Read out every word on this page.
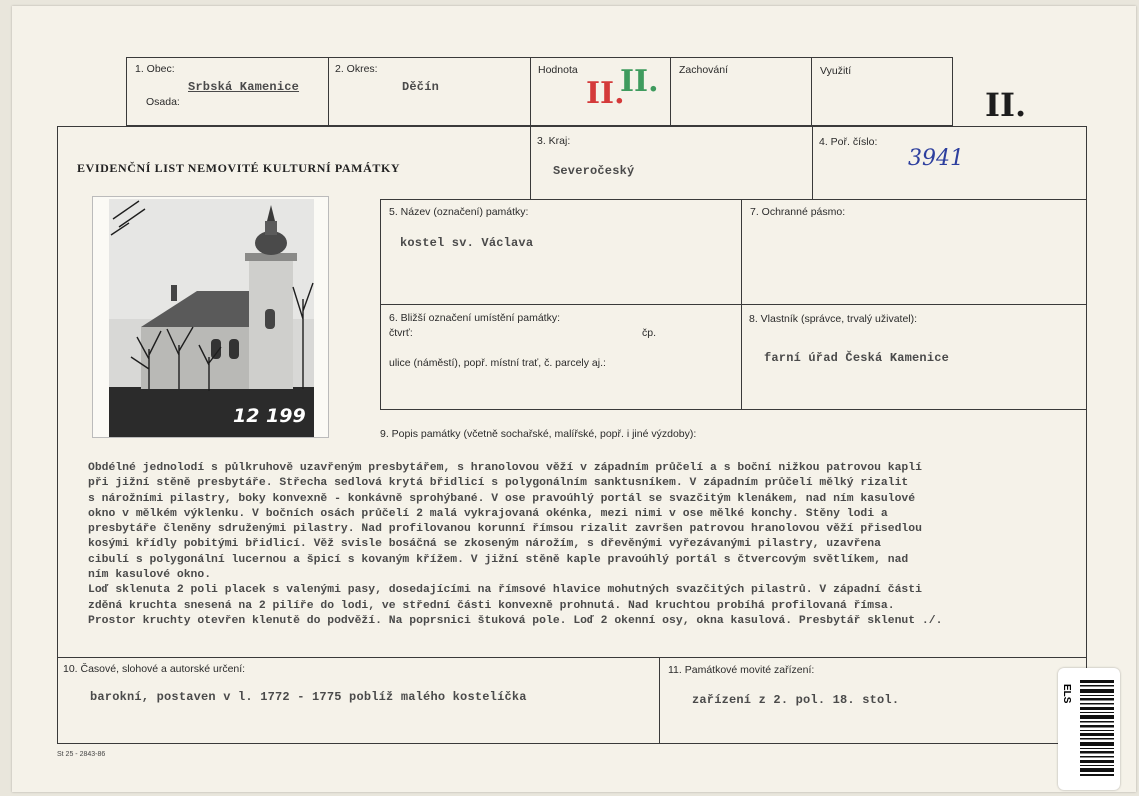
1. Obec:
Osada:
Srbská Kamenice
2. Okres:
Děčín
Hodnota
II.
II. Zachování	Využití
II.
EVIDENČNÍ LIST NEMOVITÉ KULTURNÍ PAMÁTKY
3. Kraj:
Severočeský
4. Poř. číslo:
3941
12 199
5. Název (označení) památky:
kostel sv. Václava
7. Ochranné pásmo:
6. Bližší označení umístění památky:
čtvrť:	čp.
ulice (náměstí), popř. místní trať, č. parcely aj.:
8. Vlastník (správce, trvalý uživatel):
farní úřad Česká Kamenice
9. Popis památky (včetně sochařské, malířské, popř. i jiné výzdoby):
Obdélné jednolodí s půlkruhově uzavřeným presbytářem, s hranolovou věží v západním průčelí a s boční nižkou patrovou kaplí
při jižní stěně presbytáře. Střecha sedlová krytá břidlicí s polygonálním sanktusníkem. V západním průčelí mělký rizalit
s nárožními pilastry, boky konvexně - konkávně sprohýbané. V ose pravoúhlý portál se svazčitým klenákem, nad ním kasulové
okno v mělkém výklenku. V bočních osách průčelí 2 malá vykrajovaná okénka, mezi nimi v ose mělké konchy. Stěny lodi a
presbytáře členěny sdruženými pilastry. Nad profilovanou korunní římsou rizalit završen patrovou hranolovou věží přisedlou
kosými křídly pobitými břidlicí. Věž svisle bosáčná se zkoseným nárožím, s dřevěnými vyřezávanými pilastry, uzavřena
cibulí s polygonální lucernou a špicí s kovaným křížem. V jižní stěně kaple pravoúhlý portál s čtvercovým světlíkem, nad
ním kasulové okno.
Loď sklenuta 2 poli placek s valenými pasy, dosedajícími na římsové hlavice mohutných svazčitých pilastrů. V západní části
zděná kruchta snesená na 2 pilíře do lodi, ve střední části konvexně prohnutá. Nad kruchtou probíhá profilovaná římsa.
Prostor kruchty otevřen klenutě do podvěží. Na poprsnici štuková pole. Loď 2 okenní osy, okna kasulová. Presbytář sklenut ./.
10. Časové, slohové a autorské určení:
barokní, postaven v l. 1772 - 1775 poblíž malého kostelíčka
11. Památkové movité zařízení:
zařízení z 2. pol. 18. stol.
St 25 - 2843-86
ELS
